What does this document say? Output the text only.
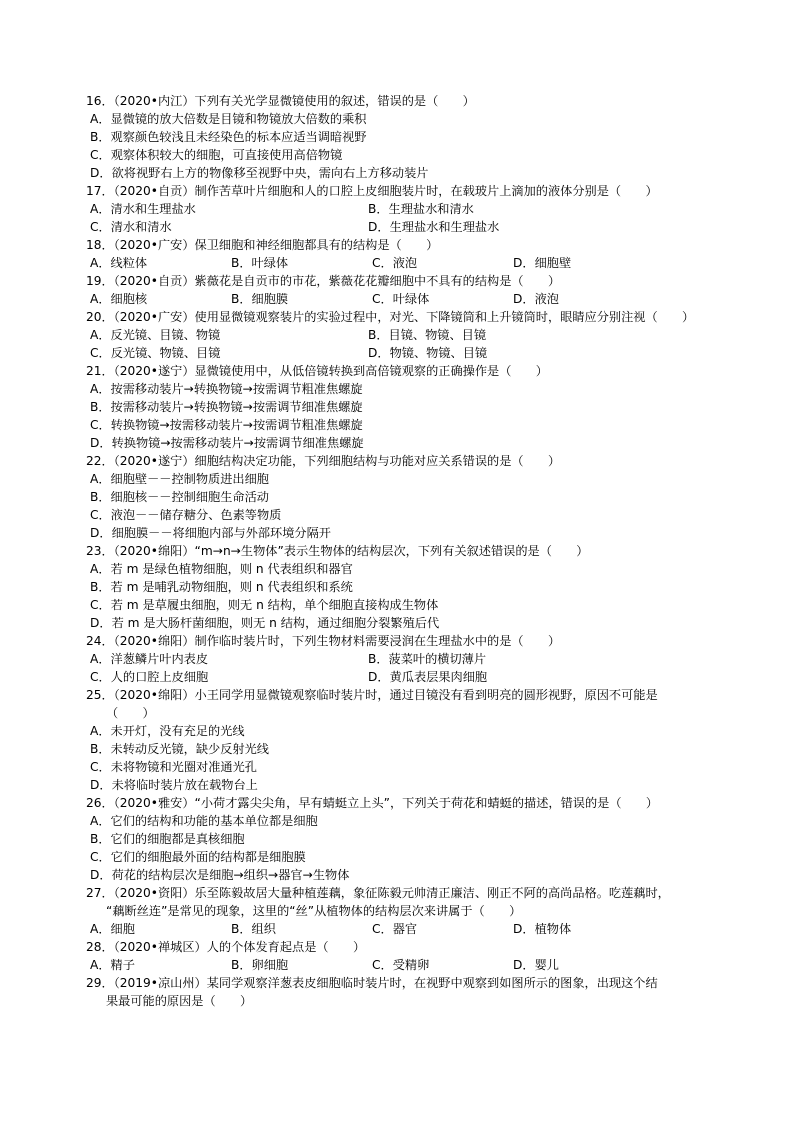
16．（2020•内江）下列有关光学显微镜使用的叙述，错误的是（　　）
A．显微镜的放大倍数是目镜和物镜放大倍数的乘积
B．观察颜色较浅且未经染色的标本应适当调暗视野
C．观察体积较大的细胞，可直接使用高倍物镜
D．欲将视野右上方的物像移至视野中央，需向右上方移动装片
17．（2020•自贡）制作苦草叶片细胞和人的口腔上皮细胞装片时，在载玻片上滴加的液体分别是（　　）
A．清水和生理盐水	B．生理盐水和清水
C．清水和清水	D．生理盐水和生理盐水
18．（2020•广安）保卫细胞和神经细胞都具有的结构是（　　）
A．线粒体	B．叶绿体	C．液泡	D．细胞壁
19．（2020•自贡）紫薇花是自贡市的市花，紫薇花花瓣细胞中不具有的结构是（　　）
A．细胞核	B．细胞膜	C．叶绿体	D．液泡
20．（2020•广安）使用显微镜观察装片的实验过程中，对光、下降镜筒和上升镜筒时，眼睛应分别注视（　　）
A．反光镜、目镜、物镜	B．目镜、物镜、目镜
C．反光镜、物镜、目镜	D．物镜、物镜、目镜
21．（2020•遂宁）显微镜使用中，从低倍镜转换到高倍镜观察的正确操作是（　　）
A．按需移动装片→转换物镜→按需调节粗准焦螺旋
B．按需移动装片→转换物镜→按需调节细准焦螺旋
C．转换物镜→按需移动装片→按需调节粗准焦螺旋
D．转换物镜→按需移动装片→按需调节细准焦螺旋
22．（2020•遂宁）细胞结构决定功能，下列细胞结构与功能对应关系错误的是（　　）
A．细胞壁－－控制物质进出细胞
B．细胞核－－控制细胞生命活动
C．液泡－－储存糖分、色素等物质
D．细胞膜－－将细胞内部与外部环境分隔开
23．（2020•绵阳）“m→n→生物体”表示生物体的结构层次，下列有关叙述错误的是（　　）
A．若 m 是绿色植物细胞，则 n 代表组织和器官
B．若 m 是哺乳动物细胞，则 n 代表组织和系统
C．若 m 是草履虫细胞，则无 n 结构，单个细胞直接构成生物体
D．若 m 是大肠杆菌细胞，则无 n 结构，通过细胞分裂繁殖后代
24．（2020•绵阳）制作临时装片时，下列生物材料需要浸润在生理盐水中的是（　　）
A．洋葱鳞片叶内表皮	B．菠菜叶的横切薄片
C．人的口腔上皮细胞	D．黄瓜表层果肉细胞
25．（2020•绵阳）小王同学用显微镜观察临时装片时，通过目镜没有看到明亮的圆形视野，原因不可能是
（　　）
A．未开灯，没有充足的光线
B．未转动反光镜，缺少反射光线
C．未将物镜和光圈对准通光孔
D．未将临时装片放在载物台上
26．（2020•雅安）“小荷才露尖尖角，早有蜻蜓立上头”，下列关于荷花和蜻蜓的描述，错误的是（　　）
A．它们的结构和功能的基本单位都是细胞
B．它们的细胞都是真核细胞
C．它们的细胞最外面的结构都是细胞膜
D．荷花的结构层次是细胞→组织→器官→生物体
27．（2020•资阳）乐至陈毅故居大量种植莲藕，象征陈毅元帅清正廉洁、刚正不阿的高尚品格。吃莲藕时，
“藕断丝连”是常见的现象，这里的“丝”从植物体的结构层次来讲属于（　　）
A．细胞	B．组织	C．器官	D．植物体
28．（2020•禅城区）人的个体发育起点是（　　）
A．精子	B．卵细胞	C．受精卵	D．婴儿
29．（2019•凉山州）某同学观察洋葱表皮细胞临时装片时，在视野中观察到如图所示的图象，出现这个结
果最可能的原因是（　　）
